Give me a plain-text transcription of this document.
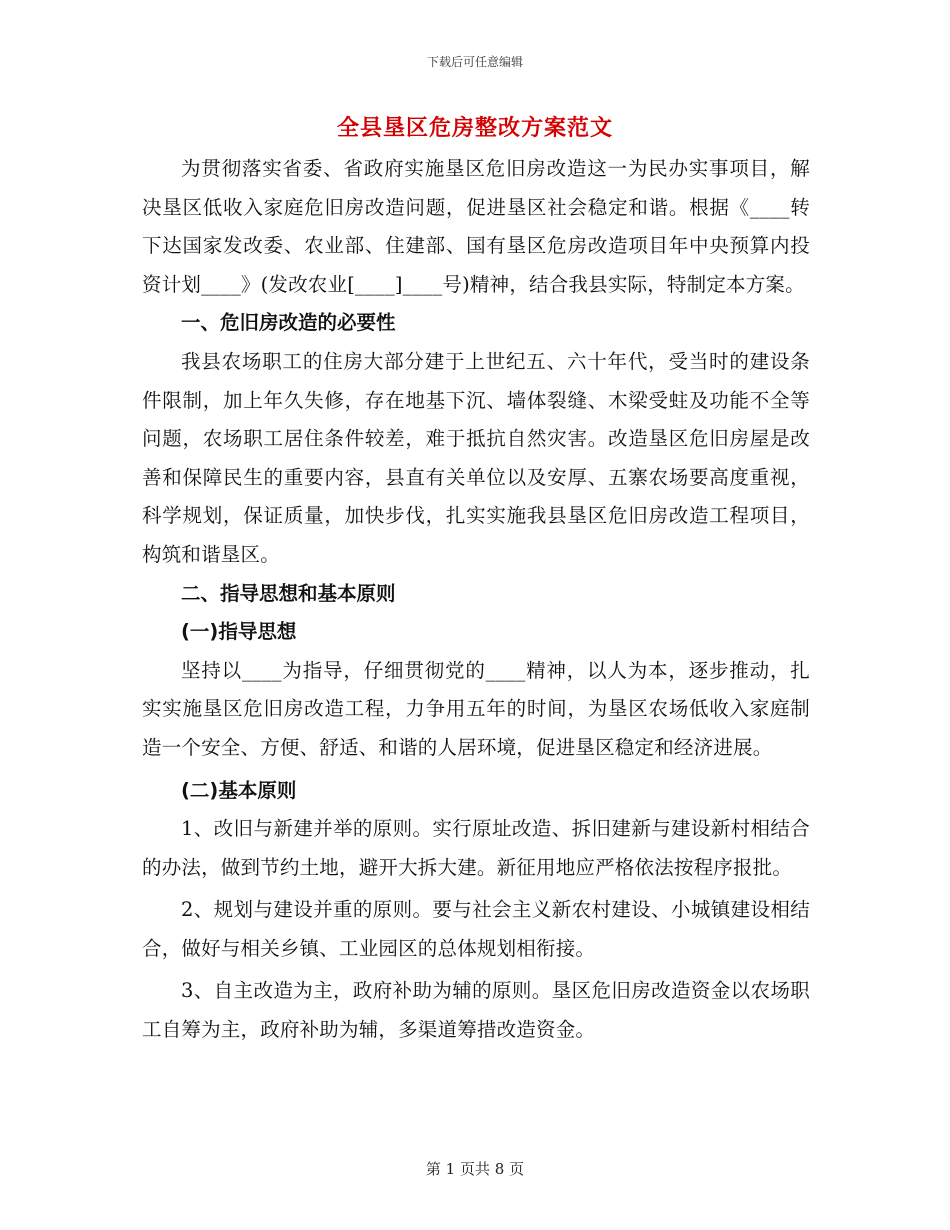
下载后可任意编辑
全县垦区危房整改方案范文

为贯彻落实省委、省政府实施垦区危旧房改造这一为民办实事项目，解决垦区低收入家庭危旧房改造问题，促进垦区社会稳定和谐。根据《____转下达国家发改委、农业部、住建部、国有垦区危房改造项目年中央预算内投资计划____》(发改农业[____]____号)精神，结合我县实际，特制定本方案。

一、危旧房改造的必要性

我县农场职工的住房大部分建于上世纪五、六十年代，受当时的建设条件限制，加上年久失修，存在地基下沉、墙体裂缝、木梁受蛀及功能不全等问题，农场职工居住条件较差，难于抵抗自然灾害。改造垦区危旧房屋是改善和保障民生的重要内容，县直有关单位以及安厚、五寨农场要高度重视，科学规划，保证质量，加快步伐，扎实实施我县垦区危旧房改造工程项目，构筑和谐垦区。

二、指导思想和基本原则

(一)指导思想

坚持以____为指导，仔细贯彻党的____精神，以人为本，逐步推动，扎实实施垦区危旧房改造工程，力争用五年的时间，为垦区农场低收入家庭制造一个安全、方便、舒适、和谐的人居环境，促进垦区稳定和经济进展。

(二)基本原则

1、改旧与新建并举的原则。实行原址改造、拆旧建新与建设新村相结合的办法，做到节约土地，避开大拆大建。新征用地应严格依法按程序报批。

2、规划与建设并重的原则。要与社会主义新农村建设、小城镇建设相结合，做好与相关乡镇、工业园区的总体规划相衔接。

3、自主改造为主，政府补助为辅的原则。垦区危旧房改造资金以农场职工自筹为主，政府补助为辅，多渠道筹措改造资金。

第 1 页共 8 页
